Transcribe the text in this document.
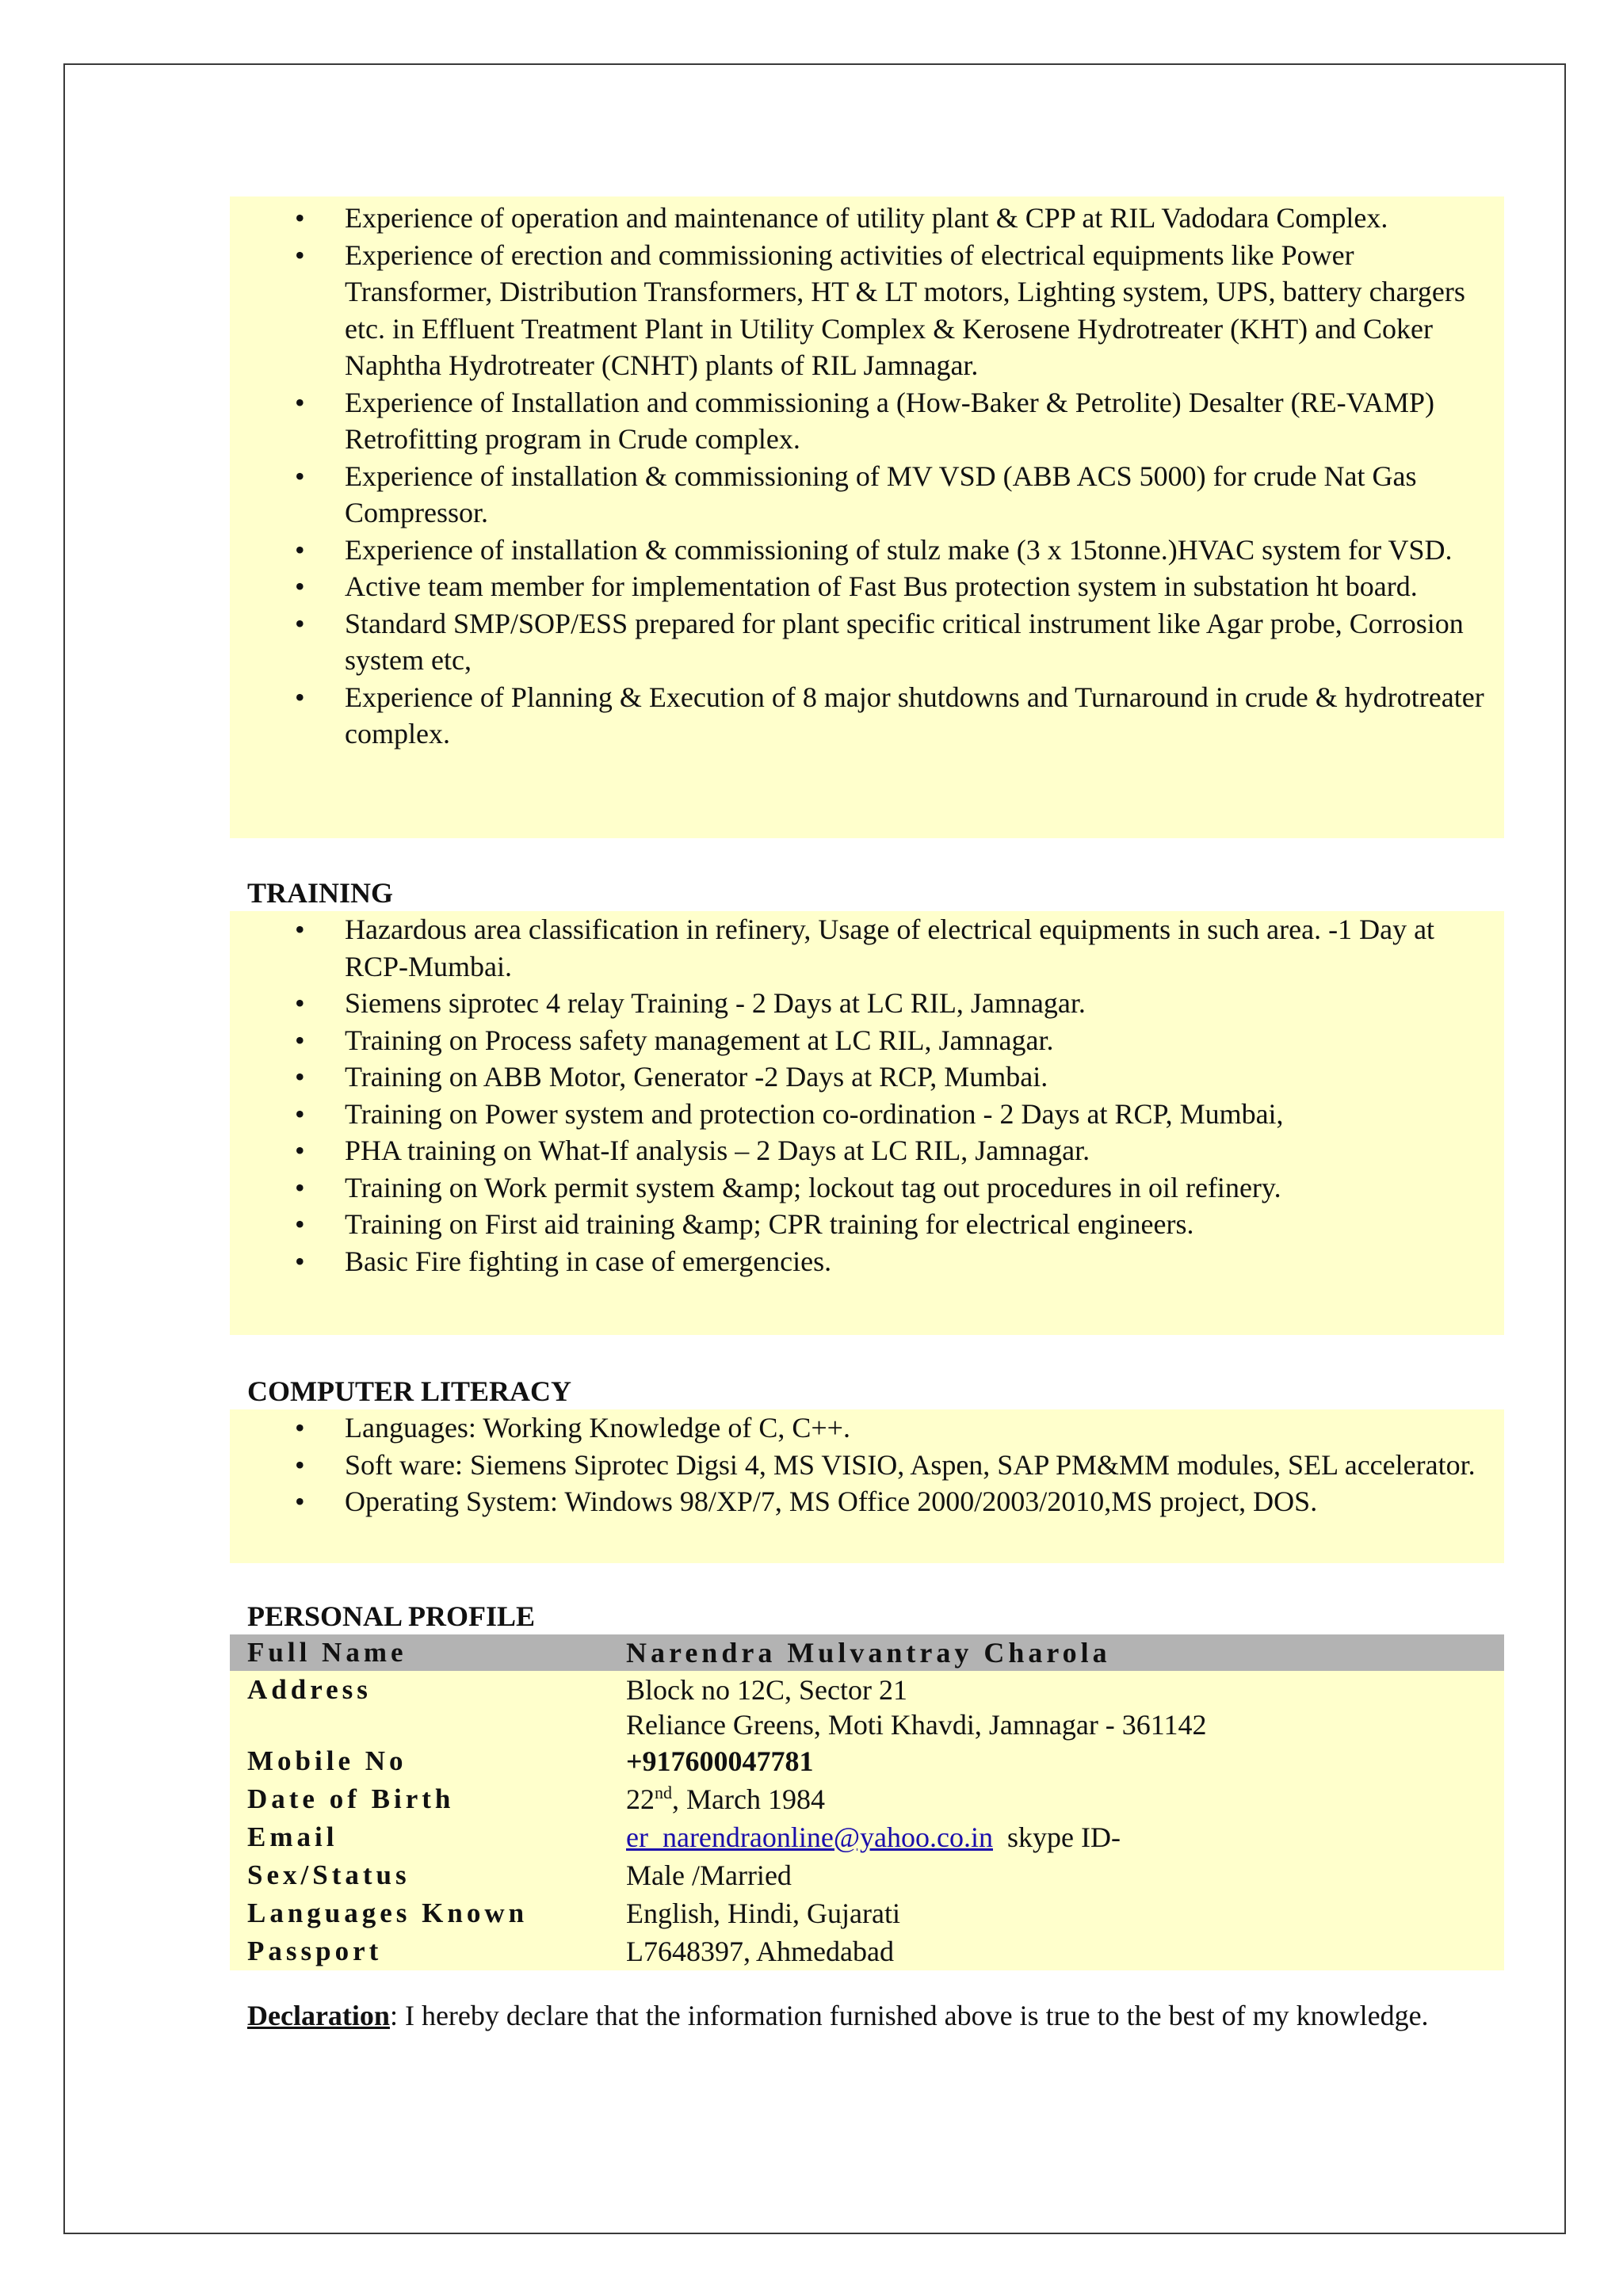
• Experience of operation and maintenance of utility plant & CPP at RIL Vadodara Complex.
• Experience of erection and commissioning activities of electrical equipments like Power Transformer, Distribution Transformers, HT & LT motors, Lighting system, UPS, battery chargers etc. in Effluent Treatment Plant in Utility Complex & Kerosene Hydrotreater (KHT) and Coker Naphtha Hydrotreater (CNHT) plants of RIL Jamnagar.
• Experience of Installation and commissioning a (How-Baker & Petrolite) Desalter (RE-VAMP) Retrofitting program in Crude complex.
• Experience of installation & commissioning of MV VSD (ABB ACS 5000) for crude Nat Gas Compressor.
• Experience of installation & commissioning of stulz make (3 x 15tonne.)HVAC system for VSD.
• Active team member for implementation of Fast Bus protection system in substation ht board.
• Standard SMP/SOP/ESS prepared for plant specific critical instrument like Agar probe, Corrosion system etc,
• Experience of Planning & Execution of 8 major shutdowns and Turnaround in crude & hydrotreater complex.
TRAINING
• Hazardous area classification in refinery, Usage of electrical equipments in such area. -1 Day at RCP-Mumbai.
• Siemens siprotec 4 relay Training - 2 Days at LC RIL, Jamnagar.
• Training on Process safety management at LC RIL, Jamnagar.
• Training on ABB Motor, Generator -2 Days at RCP, Mumbai.
• Training on Power system and protection co-ordination - 2 Days at RCP, Mumbai,
• PHA training on What-If analysis – 2 Days at LC RIL, Jamnagar.
• Training on Work permit system &amp; lockout tag out procedures in oil refinery.
• Training on First aid training &amp; CPR training for electrical engineers.
• Basic Fire fighting in case of emergencies.
COMPUTER LITERACY
• Languages: Working Knowledge of C, C++.
• Soft ware: Siemens Siprotec Digsi 4, MS VISIO, Aspen, SAP PM&MM modules, SEL accelerator.
• Operating System: Windows 98/XP/7, MS Office 2000/2003/2010,MS project, DOS.
PERSONAL PROFILE
Full Name	Narendra Mulvantray Charola
Address	Block no 12C, Sector 21
Reliance Greens, Moti Khavdi, Jamnagar - 361142

Mobile No	+917600047781
Date of Birth	22nd, March 1984
Email	er_narendraonline@yahoo.co.in skype ID-
Sex/Status	Male /Married
Languages Known	English, Hindi, Gujarati
Passport	L7648397, Ahmedabad
Declaration: I hereby declare that the information furnished above is true to the best of my knowledge.
